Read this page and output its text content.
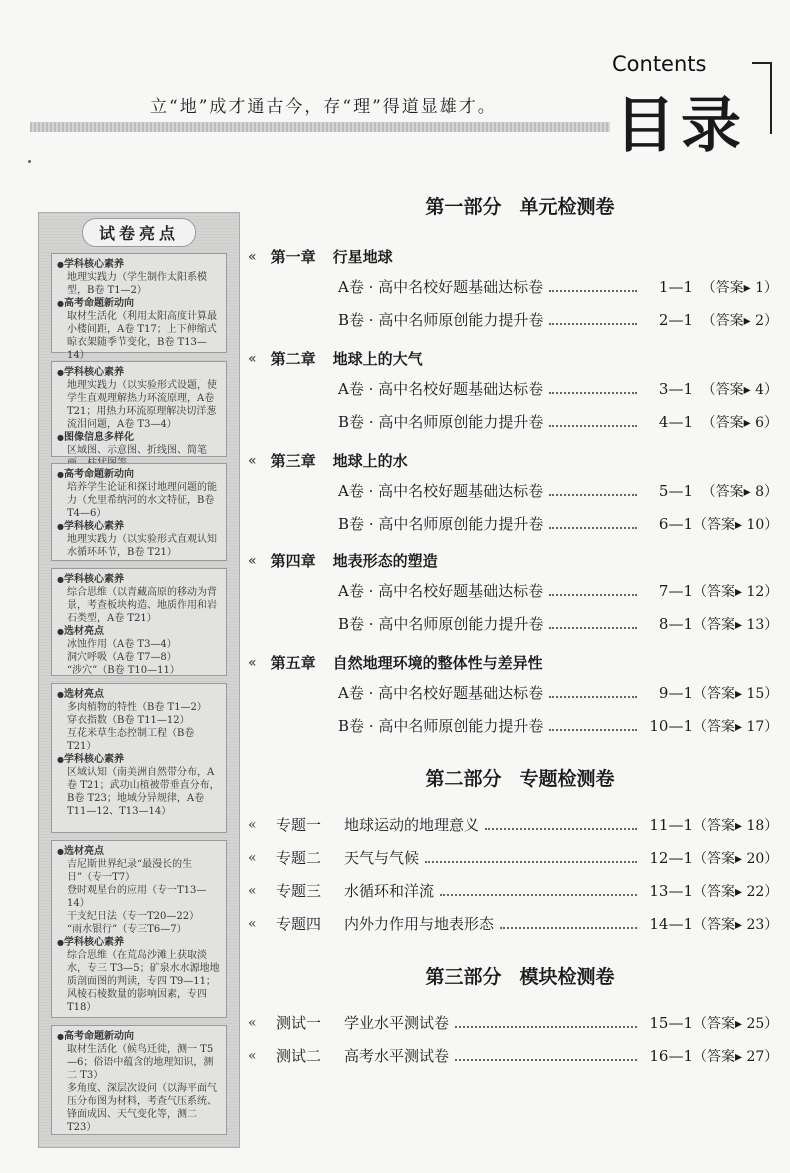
立“地”成才通古今，存“理”得道显雄才。
Contents
目录
试卷亮点
● 学科核心素养
地理实践力（学生制作太阳系模型，B卷 T1—2）
● 高考命题新动向
取材生活化（利用太阳高度计算最小楼间距，A卷 T17；上下伸缩式晾衣架随季节变化，B卷 T13—14）
● 学科核心素养
地理实践力（以实验形式设题，使学生直观理解热力环流原理，A卷 T21；用热力环流原理解决切洋葱流泪问题，A卷 T3—4）
● 图像信息多样化
区域图、示意图、折线图、简笔
● 高考命题新动向
培养学生论证和探讨地理问题的能力（允里希纳河的水文特征，B卷 T4—6）
● 学科核心素养
地理实践力（以实验形式直观认知水循环环节，B卷 T21）
● 学科核心素养
综合思维（以青藏高原的移动为背景，考查板块构造、地质作用和岩石类型，A卷 T21）
● 选材亮点
冰蚀作用（A卷 T3—4）
洞穴呼吸（A卷 T7—8）
“涉穴”（B卷 T10—11）
● 选材亮点
多肉植物的特性（B卷 T1—2）
穿衣指数（B卷 T11—12）
互花米草生态控制工程（B卷 T21）
● 学科核心素养
区域认知（南美洲自然带分布，A卷 T21；武功山植被带垂直分布，B卷 T23；地域分异规律，A卷 T11—12、T13—14）
● 选材亮点
吉尼斯世界纪录“最漫长的生日”（专一T7）
登时观星台的应用（专一T13—14）
干支纪日法（专一T20—22）
“雨水银行”（专三T6—7）
● 学科核心素养
综合思维（在荒岛沙滩上获取淡水，专三 T3—5；矿泉水水源地地质剖面图的判读，专四 T9—11；风棱石棱数量的影响因素，专四 T18）
● 高考命题新动向
取材生活化（候鸟迁徙，测一 T5—6；俗语中蕴含的地理知识，测二 T3）
多角度、深层次设问（以海平面气压分布图为材料，考查气压系统、锋面成因、天气变化等，测二 T23）
第一部分 单元检测卷
« 第一章	行星地球
A卷 · 高中名校好题基础达标卷	1—1 （答案▸ 1）
B卷 · 高中名师原创能力提升卷	2—1 （答案▸ 2）
« 第二章	地球上的大气
A卷 · 高中名校好题基础达标卷	3—1 （答案▸ 4）
B卷 · 高中名师原创能力提升卷	4—1 （答案▸ 6）
« 第三章	地球上的水
A卷 · 高中名校好题基础达标卷	5—1 （答案▸ 8）
B卷 · 高中名师原创能力提升卷	6—1 （答案▸ 10）
« 第四章	地表形态的塑造
A卷 · 高中名校好题基础达标卷	7—1 （答案▸ 12）
B卷 · 高中名师原创能力提升卷	8—1 （答案▸ 13）
« 第五章	自然地理环境的整体性与差异性
A卷 · 高中名校好题基础达标卷	9—1 （答案▸ 15）
B卷 · 高中名师原创能力提升卷	10—1 （答案▸ 17）
第二部分 专题检测卷
«	专题一	地球运动的地理意义	11—1 （答案▸ 18）
«	专题二	天气与气候	12—1 （答案▸ 20）
«	专题三	水循环和洋流	13—1 （答案▸ 22）
«	专题四	内外力作用与地表形态	14—1 （答案▸ 23）
第三部分 模块检测卷
«	测试一	学业水平测试卷	15—1 （答案▸ 25）
«	测试二	高考水平测试卷	16—1 （答案▸ 27）
